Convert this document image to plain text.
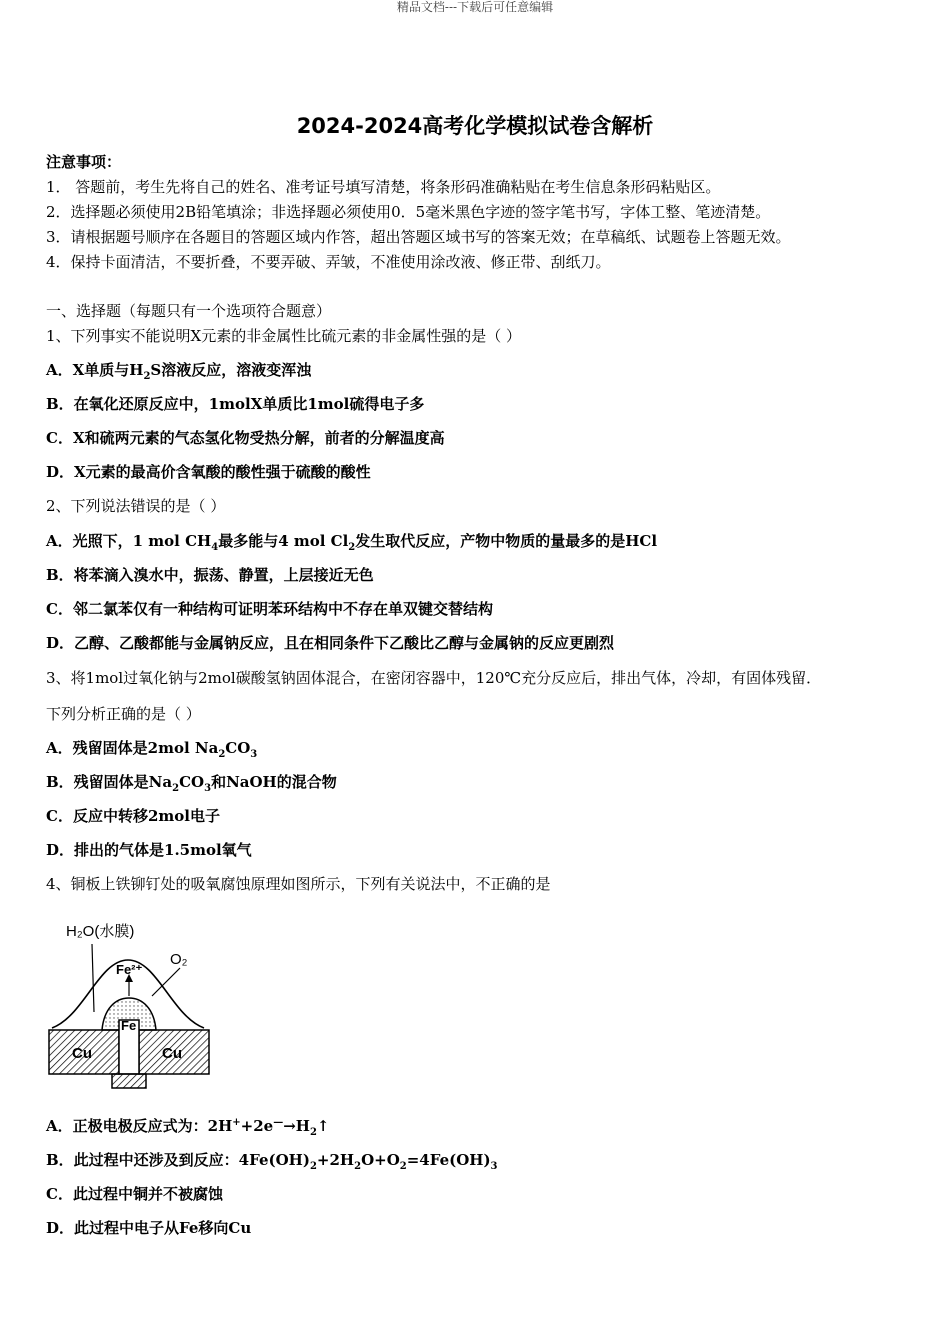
精品文档---下载后可任意编辑
2024-2024高考化学模拟试卷含解析
注意事项：
1． 答题前，考生先将自己的姓名、准考证号填写清楚，将条形码准确粘贴在考生信息条形码粘贴区。
2．选择题必须使用2B铅笔填涂；非选择题必须使用0．5毫米黑色字迹的签字笔书写，字体工整、笔迹清楚。
3．请根据题号顺序在各题目的答题区域内作答，超出答题区域书写的答案无效；在草稿纸、试题卷上答题无效。
4．保持卡面清洁，不要折叠，不要弄破、弄皱，不准使用涂改液、修正带、刮纸刀。
一、选择题（每题只有一个选项符合题意）
1、下列事实不能说明X元素的非金属性比硫元素的非金属性强的是（ ）
A．X单质与$H_2S$溶液反应，溶液变浑浊
B．在氧化还原反应中，1molX单质比1mol硫得电子多
C．X和硫两元素的气态氢化物受热分解，前者的分解温度高
D．X元素的最高价含氧酸的酸性强于硫酸的酸性
2、下列说法错误的是（ ）
A．光照下，1 mol $CH_4$最多能与4 mol $Cl_2$发生取代反应，产物中物质的量最多的是HCl
B．将苯滴入溴水中，振荡、静置，上层接近无色
C．邻二氯苯仅有一种结构可证明苯环结构中不存在单双键交替结构
D．乙醇、乙酸都能与金属钠反应，且在相同条件下乙酸比乙醇与金属钠的反应更剧烈
3、将1mol过氧化钠与2mol碳酸氢钠固体混合，在密闭容器中，120℃充分反应后，排出气体，冷却，有固体残留．
下列分析正确的是（ ）
A．残留固体是2mol $Na_2CO_3$
B．残留固体是$Na_2CO_3$和NaOH的混合物
C．反应中转移2mol电子
D．排出的气体是1.5mol氧气
4、铜板上铁铆钉处的吸氧腐蚀原理如图所示，下列有关说法中，不正确的是
H₂O(水膜)
O₂
Fe²⁺
Fe
Cu	Cu
A．正极电极反应式为：$2H^++2e^—\to H_2↑$
B．此过程中还涉及到反应：$4Fe(OH)_2+2H_2O+O_2=4Fe(OH)_3$
C．此过程中铜并不被腐蚀
D．此过程中电子从Fe移向Cu
